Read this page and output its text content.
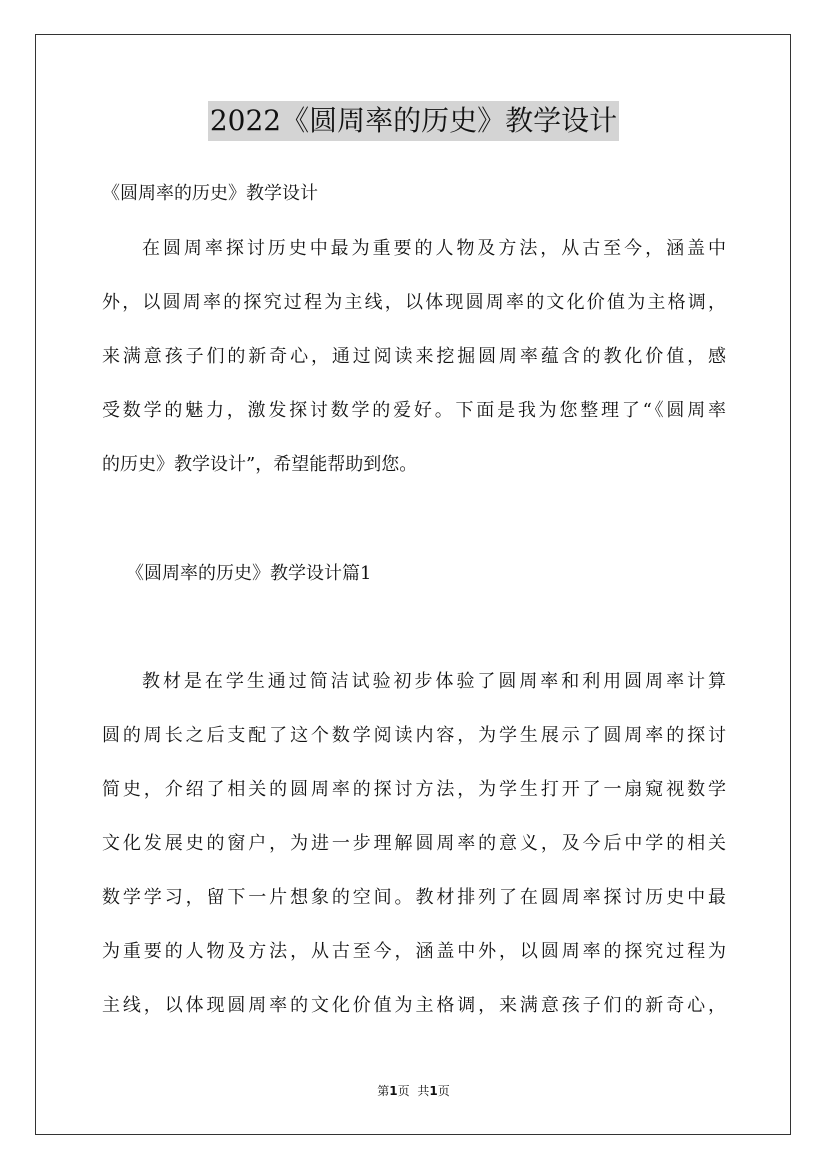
2022《圆周率的历史》教学设计
《圆周率的历史》教学设计
在圆周率探讨历史中最为重要的人物及方法，从古至今，涵盖中
外，以圆周率的探究过程为主线，以体现圆周率的文化价值为主格调，
来满意孩子们的新奇心，通过阅读来挖掘圆周率蕴含的教化价值，感
受数学的魅力，激发探讨数学的爱好。下面是我为您整理了“《圆周率
的历史》教学设计”，希望能帮助到您。
《圆周率的历史》教学设计篇1
教材是在学生通过简洁试验初步体验了圆周率和利用圆周率计算
圆的周长之后支配了这个数学阅读内容，为学生展示了圆周率的探讨
简史，介绍了相关的圆周率的探讨方法，为学生打开了一扇窥视数学
文化发展史的窗户，为进一步理解圆周率的意义，及今后中学的相关
数学学习，留下一片想象的空间。教材排列了在圆周率探讨历史中最
为重要的人物及方法，从古至今，涵盖中外，以圆周率的探究过程为
主线，以体现圆周率的文化价值为主格调，来满意孩子们的新奇心，
第1页 共1页
